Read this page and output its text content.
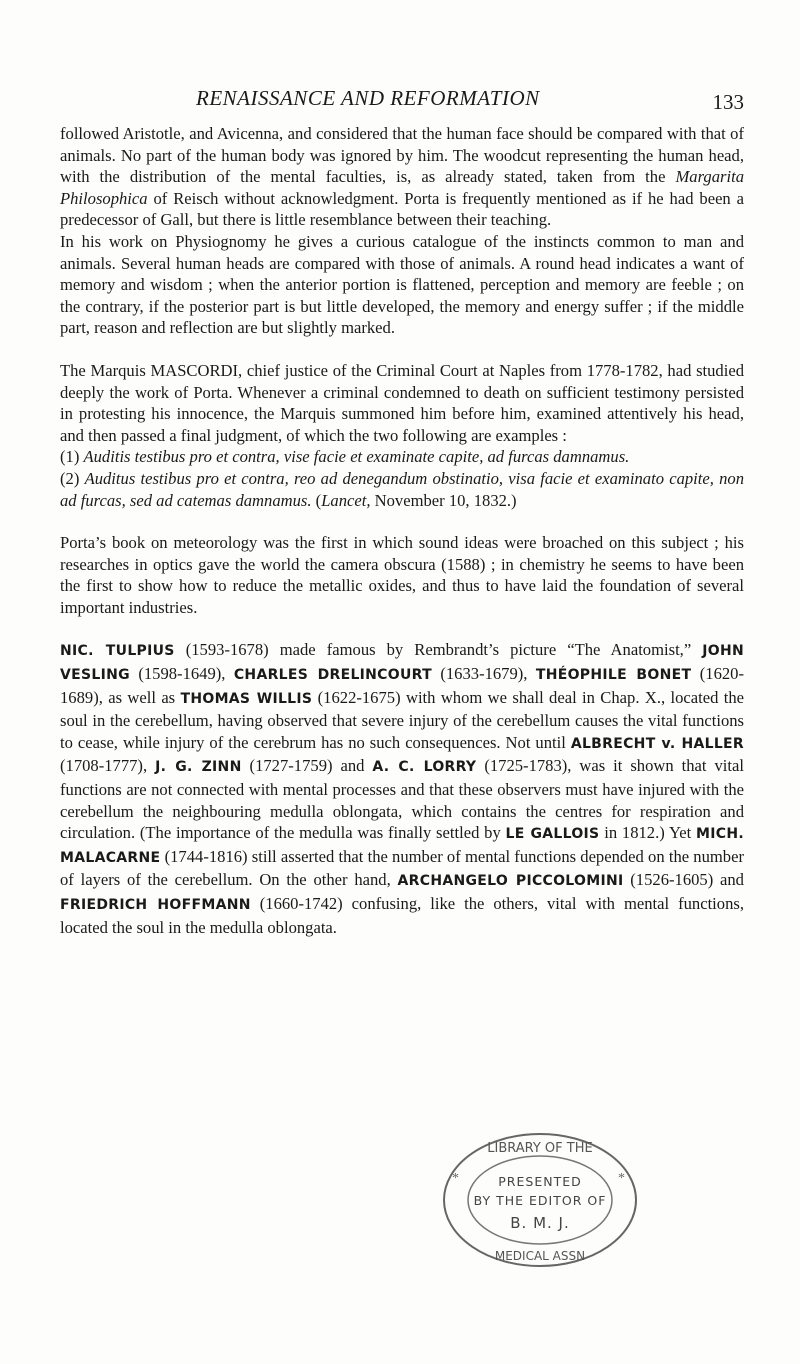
RENAISSANCE AND REFORMATION	133

followed Aristotle, and Avicenna, and considered that the human face should be compared with that of animals. No part of the human body was ignored by him. The woodcut representing the human head, with the distribution of the mental faculties, is, as already stated, taken from the Margarita Philosophica of Reisch without acknowledgment. Porta is frequently mentioned as if he had been a predecessor of Gall, but there is little resemblance between their teaching.

In his work on Physiognomy he gives a curious catalogue of the instincts common to man and animals. Several human heads are compared with those of animals. A round head indicates a want of memory and wisdom ; when the anterior portion is flattened, perception and memory are feeble ; on the contrary, if the posterior part is but little developed, the memory and energy suffer ; if the middle part, reason and reflection are but slightly marked.

The Marquis MASCORDI, chief justice of the Criminal Court at Naples from 1778-1782, had studied deeply the work of Porta. Whenever a criminal condemned to death on sufficient testimony persisted in protesting his innocence, the Marquis summoned him before him, examined attentively his head, and then passed a final judgment, of which the two following are examples :

(1) Auditis testibus pro et contra, vise facie et examinate capite, ad furcas damnamus.

(2) Auditus testibus pro et contra, reo ad denegandum obstinatio, visa facie et examinato capite, non ad furcas, sed ad catemas damnamus. (Lancet, November 10, 1832.)

Porta’s book on meteorology was the first in which sound ideas were broached on this subject ; his researches in optics gave the world the camera obscura (1588) ; in chemistry he seems to have been the first to show how to reduce the metallic oxides, and thus to have laid the foundation of several important industries.

NIC. TULPIUS (1593-1678) made famous by Rembrandt’s picture “The Anatomist,” JOHN VESLING (1598-1649), CHARLES DRELINCOURT (1633-1679), THÉOPHILE BONET (1620-1689), as well as THOMAS WILLIS (1622-1675) with whom we shall deal in Chap. X., located the soul in the cerebellum, having observed that severe injury of the cerebellum causes the vital functions to cease, while injury of the cerebrum has no such consequences. Not until ALBRECHT v. HALLER (1708-1777), J. G. ZINN (1727-1759) and A. C. LORRY (1725-1783), was it shown that vital functions are not connected with mental processes and that these observers must have injured with the cerebellum the neighbouring medulla oblongata, which contains the centres for respiration and circulation. (The importance of the medulla was finally settled by LE GALLOIS in 1812.) Yet MICH. MALACARNE (1744-1816) still asserted that the number of mental functions depended on the number of layers of the cerebellum. On the other hand, ARCHANGELO PICCOLOMINI (1526-1605) and FRIEDRICH HOFFMANN (1660-1742) confusing, like the others, vital with mental functions, located the soul in the medulla oblongata.

LIBRARY OF THE
MEDICAL ASSN
*	*
PRESENTED
BY THE EDITOR OF
B. M. J.
